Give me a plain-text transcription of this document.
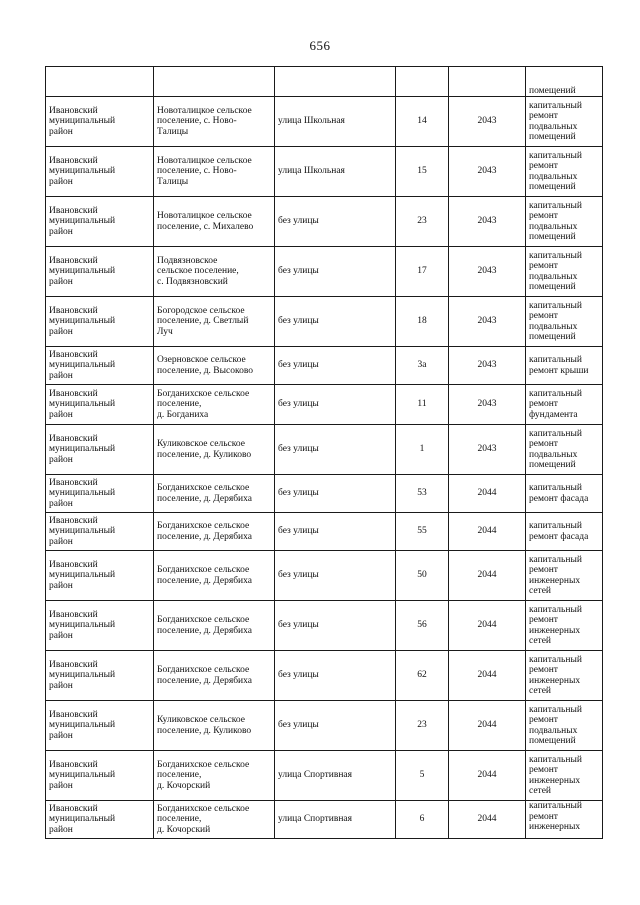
656
					помещений
Ивановский
муниципальный
район	Новоталицкое сельское
поселение, с. Ново-
Талицы	улица Школьная	14	2043	капитальный
ремонт
подвальных
помещений
Ивановский
муниципальный
район	Новоталицкое сельское
поселение, с. Ново-
Талицы	улица Школьная	15	2043	капитальный
ремонт
подвальных
помещений
Ивановский
муниципальный
район	Новоталицкое сельское
поселение, с. Михалево	без улицы	23	2043	капитальный
ремонт
подвальных
помещений
Ивановский
муниципальный
район	Подвязновское
сельское поселение,
с. Подвязновский	без улицы	17	2043	капитальный
ремонт
подвальных
помещений
Ивановский
муниципальный
район	Богородское сельское
поселение, д. Светлый
Луч	без улицы	18	2043	капитальный
ремонт
подвальных
помещений
Ивановский
муниципальный
район	Озерновское сельское
поселение, д. Высоково	без улицы	3а	2043	капитальный
ремонт крыши
Ивановский
муниципальный
район	Богданихское сельское
поселение,
д. Богданиха	без улицы	11	2043	капитальный
ремонт
фундамента
Ивановский
муниципальный
район	Куликовское сельское
поселение, д. Куликово	без улицы	1	2043	капитальный
ремонт
подвальных
помещений
Ивановский
муниципальный
район	Богданихское сельское
поселение, д. Дерябиха	без улицы	53	2044	капитальный
ремонт фасада
Ивановский
муниципальный
район	Богданихское сельское
поселение, д. Дерябиха	без улицы	55	2044	капитальный
ремонт фасада
Ивановский
муниципальный
район	Богданихское сельское
поселение, д. Дерябиха	без улицы	50	2044	капитальный
ремонт
инженерных
сетей
Ивановский
муниципальный
район	Богданихское сельское
поселение, д. Дерябиха	без улицы	56	2044	капитальный
ремонт
инженерных
сетей
Ивановский
муниципальный
район	Богданихское сельское
поселение, д. Дерябиха	без улицы	62	2044	капитальный
ремонт
инженерных
сетей
Ивановский
муниципальный
район	Куликовское сельское
поселение, д. Куликово	без улицы	23	2044	капитальный
ремонт
подвальных
помещений
Ивановский
муниципальный
район	Богданихское сельское
поселение,
д. Кочорский	улица Спортивная	5	2044	капитальный
ремонт
инженерных
сетей
Ивановский
муниципальный
район	Богданихское сельское
поселение,
д. Кочорский	улица Спортивная	6	2044	капитальный
ремонт
инженерных
